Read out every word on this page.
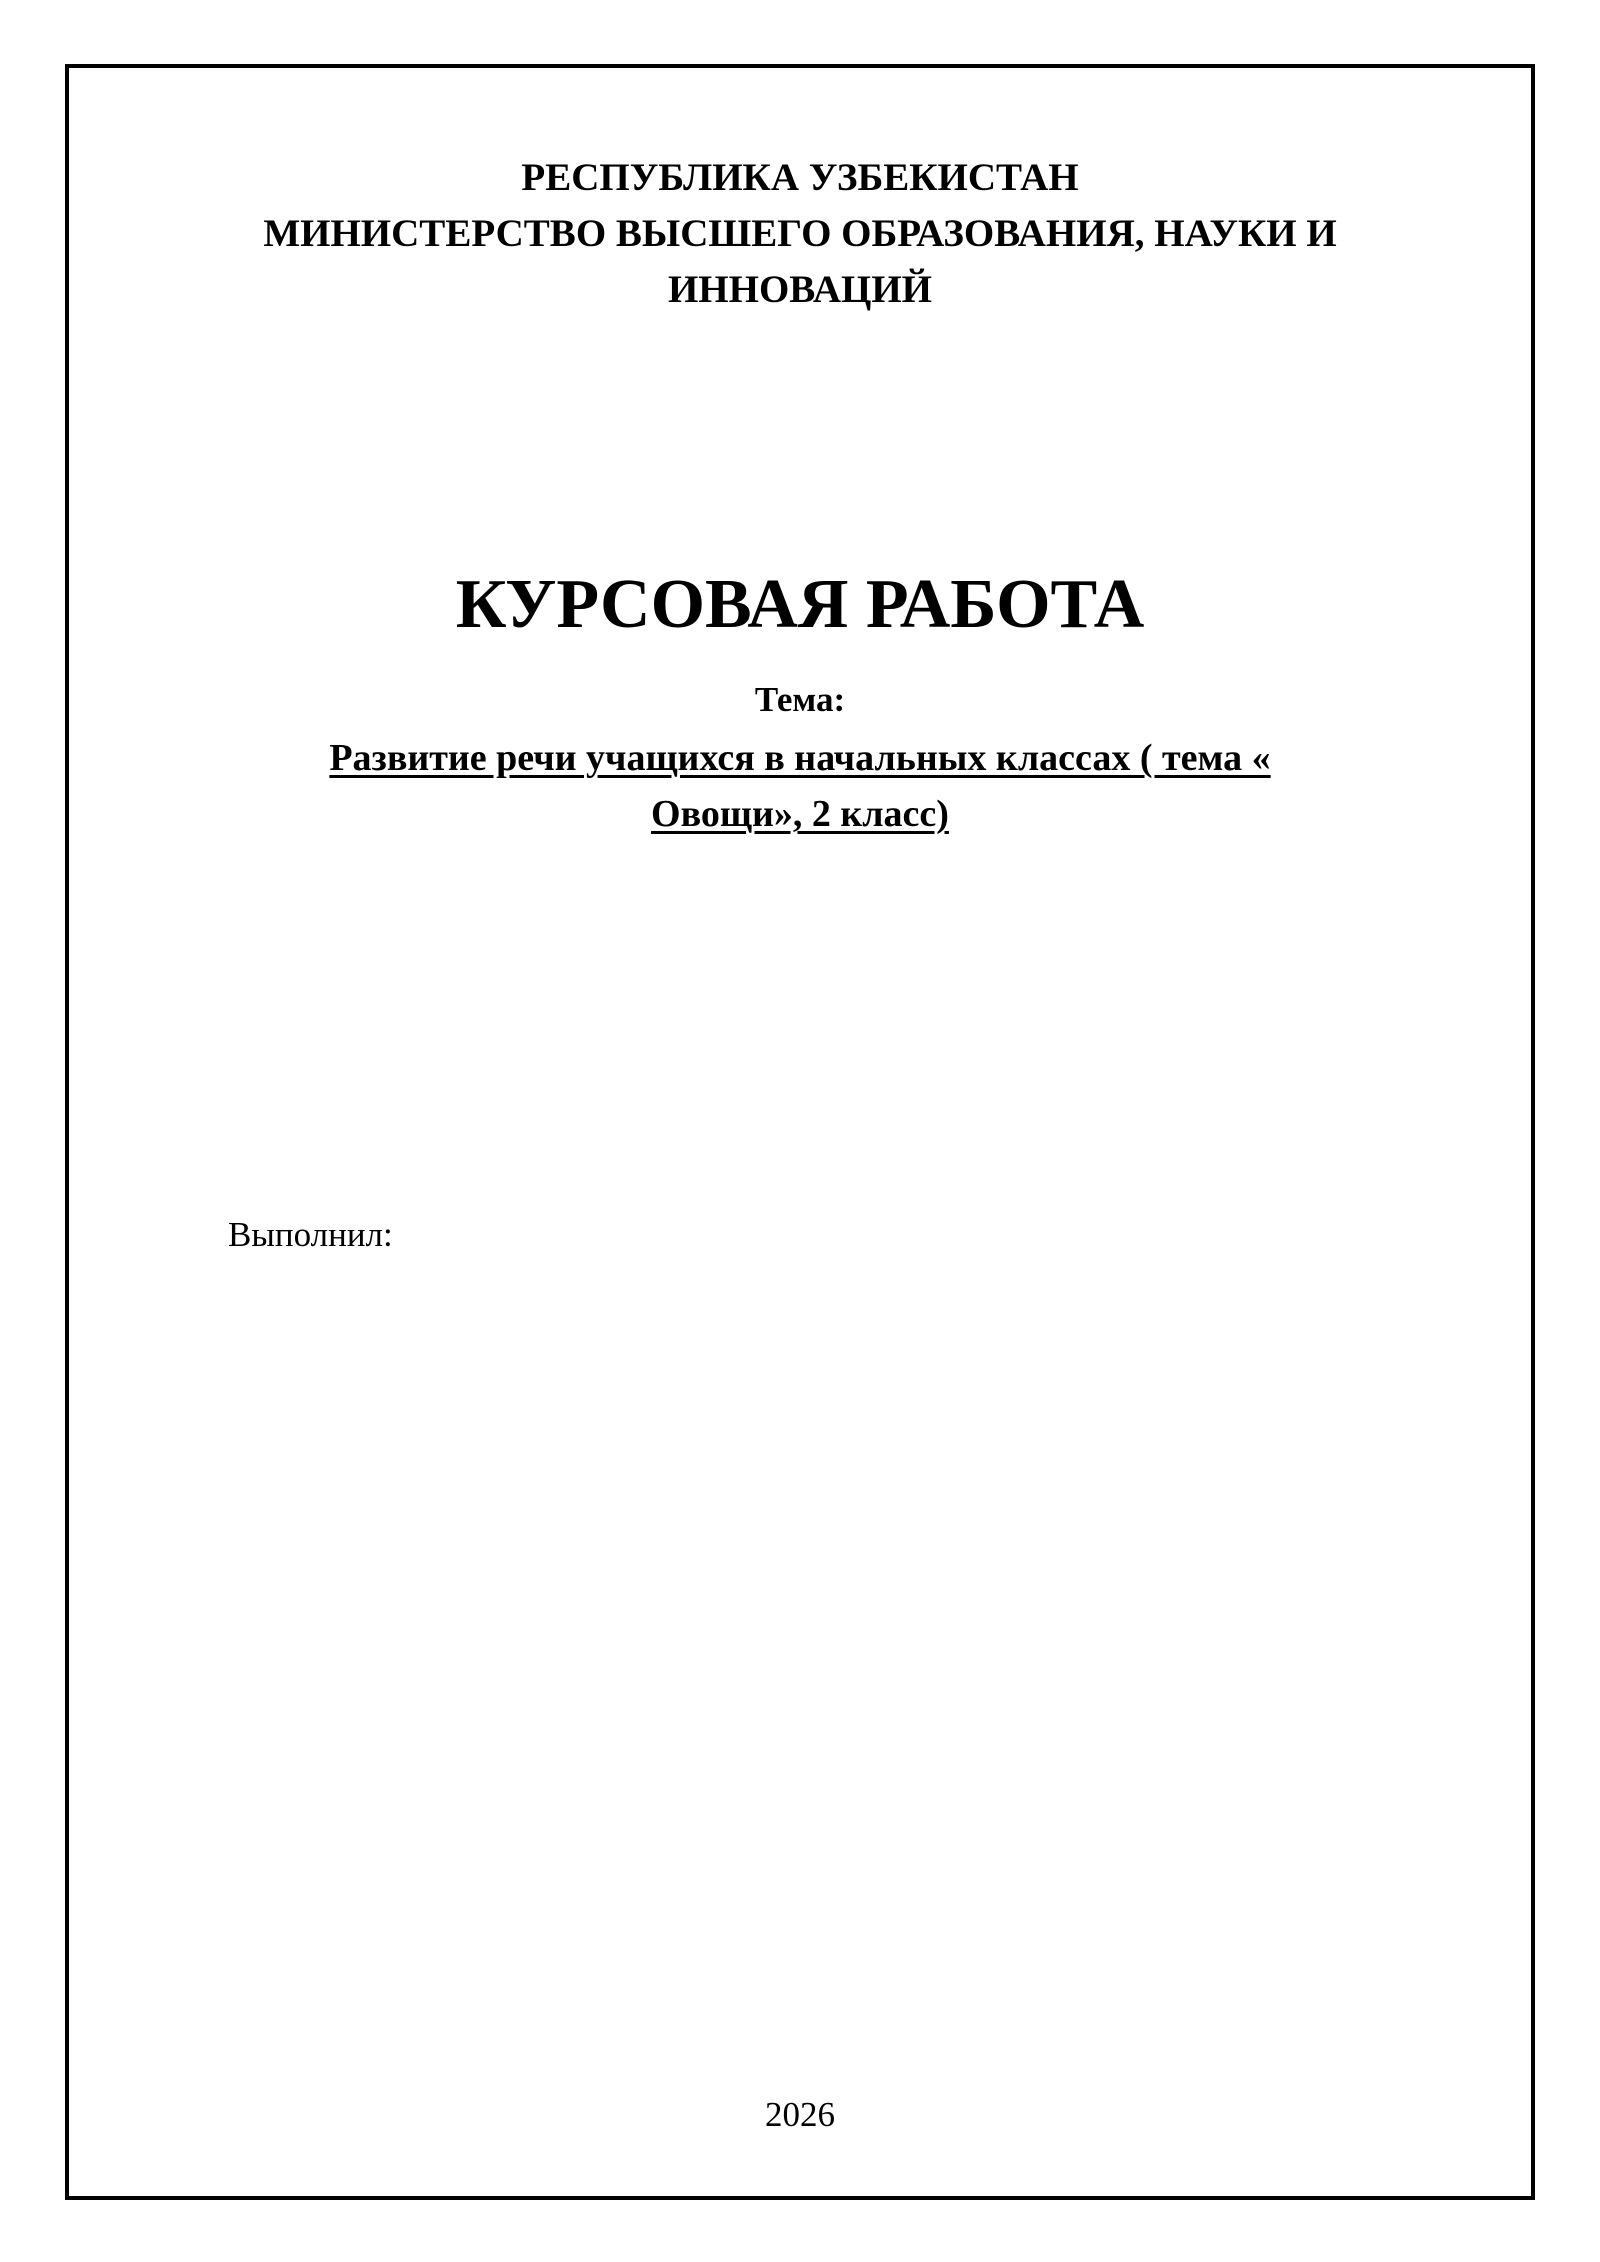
РЕСПУБЛИКА УЗБЕКИСТАН

МИНИСТЕРСТВО ВЫСШЕГО ОБРАЗОВАНИЯ, НАУКИ И ИННОВАЦИЙ

КУРСОВАЯ РАБОТА

Тема:

Развитие речи учащихся в начальных классах ( тема « Овощи», 2 класс)

Выполнил:

2026
